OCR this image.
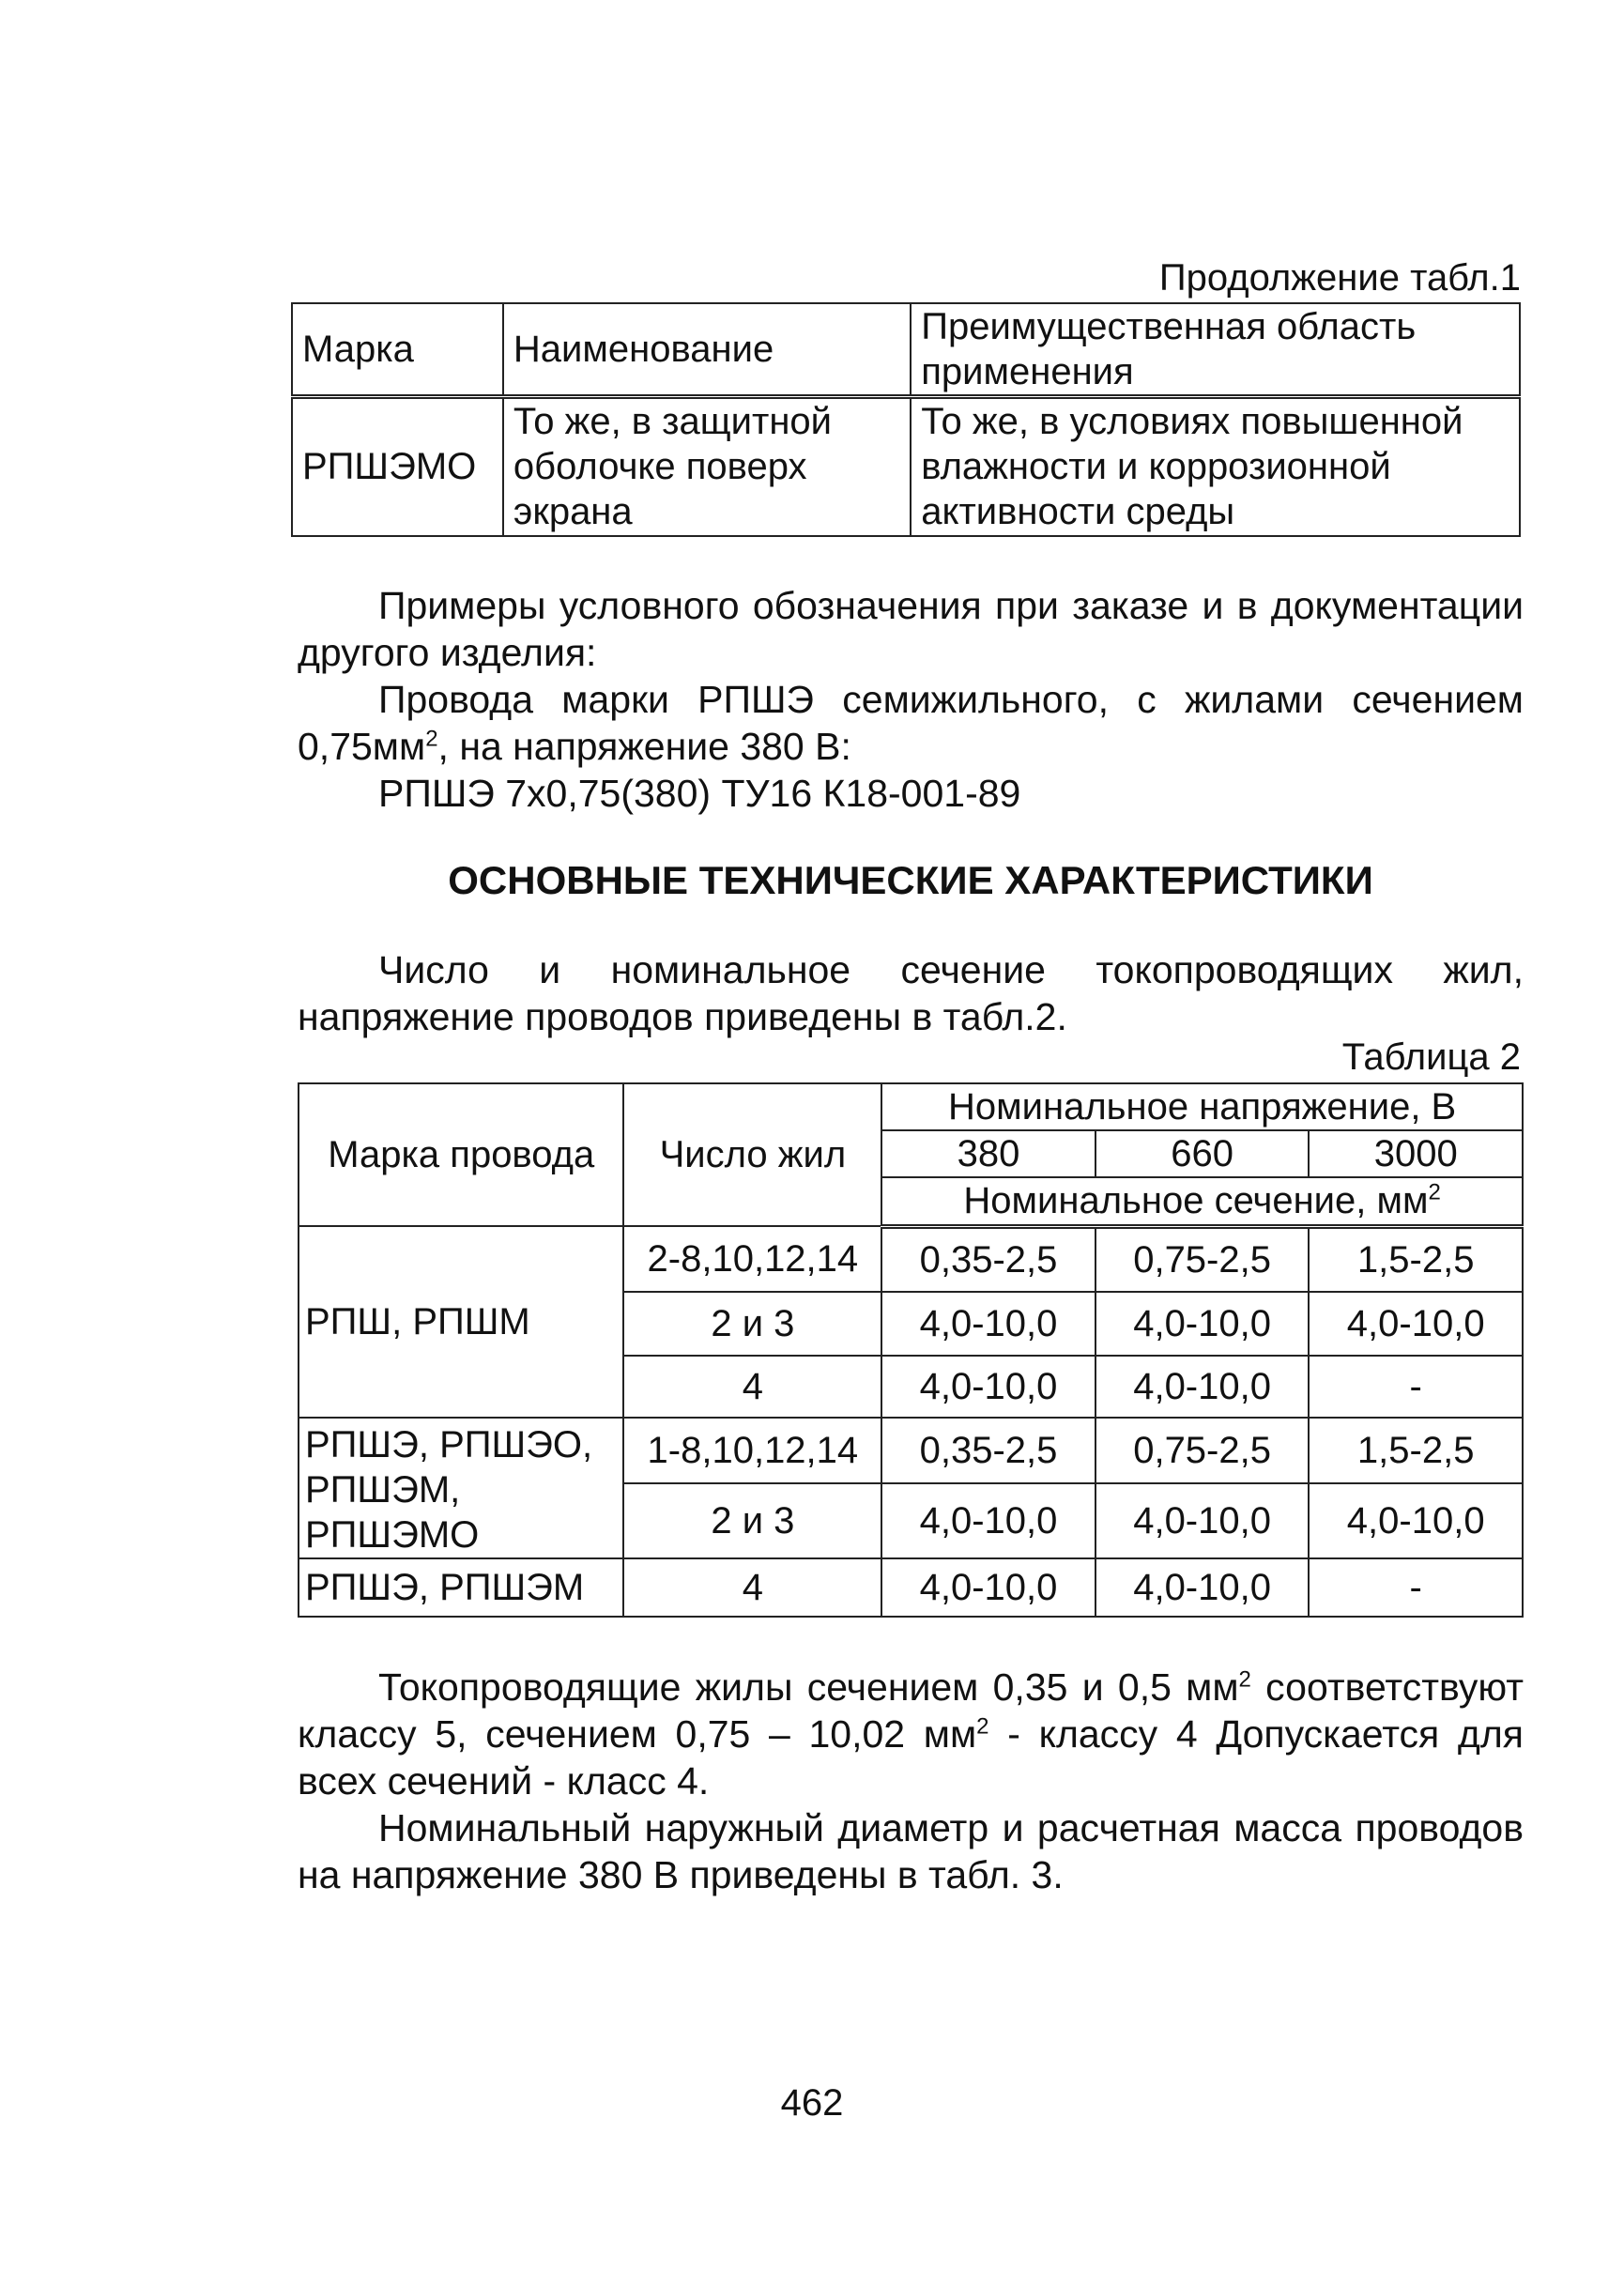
Продолжение табл.1
Марка	Наименование	Преимущественная область применения
РПШЭМО	То же, в защитной оболочке поверх экрана	То же, в условиях повышенной влажности и коррозионной активности среды

Примеры условного обозначения при заказе и в документации другого изделия:

Провода марки РПШЭ семижильного, с жилами сечением $0,75мм^2$, на напряжение 380 В:

РПШЭ 7х0,75(380) ТУ16 К18-001-89

ОСНОВНЫЕ ТЕХНИЧЕСКИЕ ХАРАКТЕРИСТИКИ

Число и номинальное сечение токопроводящих жил, напряжение проводов приведены в табл.2.

Таблица 2
Марка провода	Число жил	Номинальное напряжение, В		
		380	660	3000
		Номинальное сечение, $мм^2$
РПШ, РПШМ	2-8,10,12,14	0,35-2,5	0,75-2,5	1,5-2,5
	2 и 3	4,0-10,0	4,0-10,0	4,0-10,0
	4	4,0-10,0	4,0-10,0	-
РПШЭ, РПШЭО, РПШЭМ, РПШЭМО	1-8,10,12,14	0,35-2,5	0,75-2,5	1,5-2,5
	2 и 3	4,0-10,0	4,0-10,0	4,0-10,0
РПШЭ, РПШЭМ	4	4,0-10,0	4,0-10,0	-

Токопроводящие жилы сечением 0,35 и 0,5 $мм^2$ соответствуют классу 5, сечением 0,75 – 10,02 $мм^2$ - классу 4 Допускается для всех сечений - класс 4.

Номинальный наружный диаметр и расчетная масса проводов на напряжение 380 В приведены в табл. 3.

462
